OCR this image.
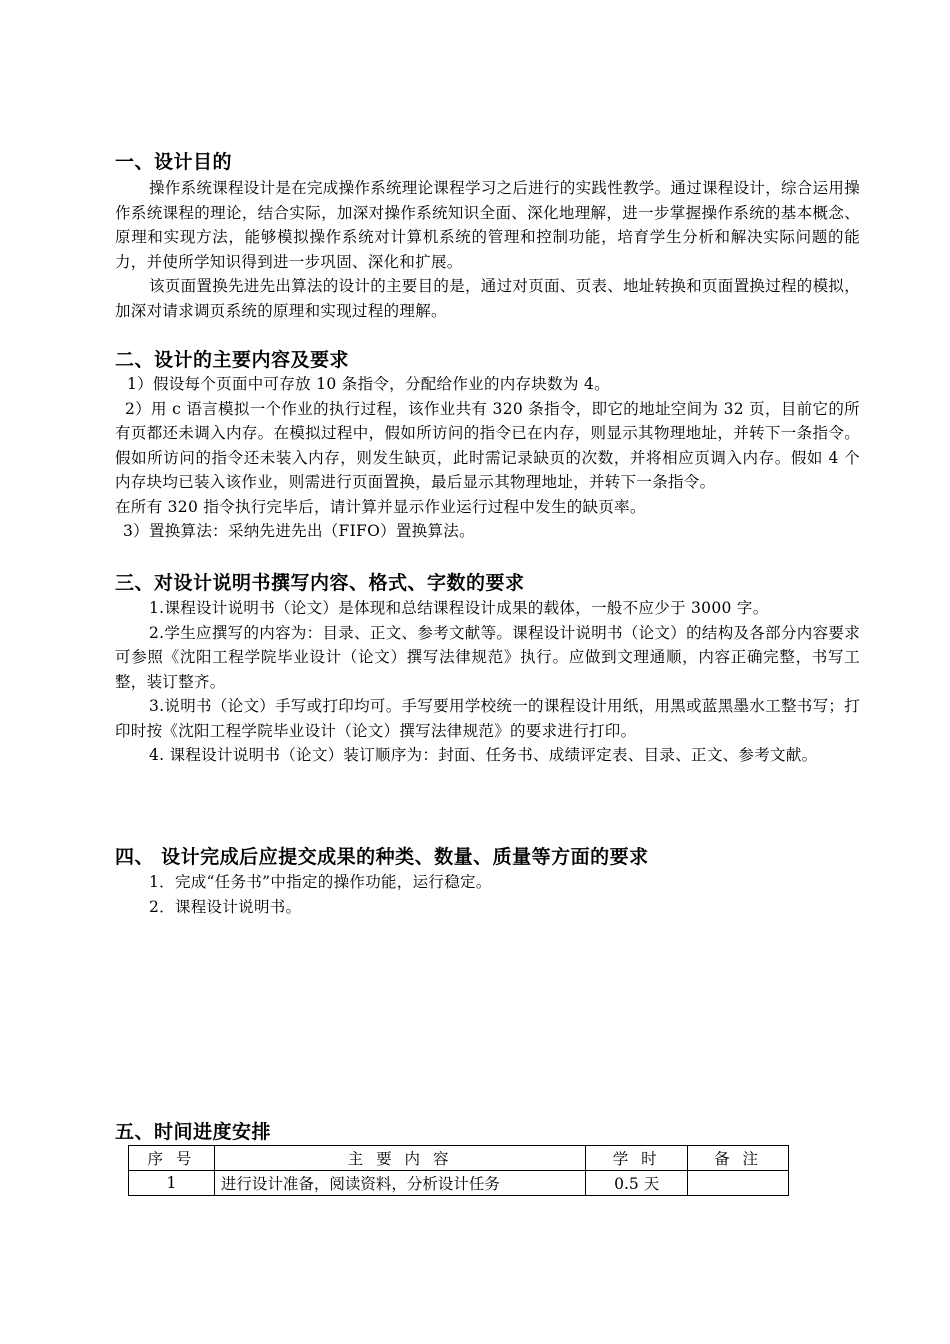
一、设计目的

操作系统课程设计是在完成操作系统理论课程学习之后进行的实践性教学。通过课程设计，综合运用操作系统课程的理论，结合实际，加深对操作系统知识全面、深化地理解，进一步掌握操作系统的基本概念、原理和实现方法，能够模拟操作系统对计算机系统的管理和控制功能，培育学生分析和解决实际问题的能力，并使所学知识得到进一步巩固、深化和扩展。

该页面置换先进先出算法的设计的主要目的是，通过对页面、页表、地址转换和页面置换过程的模拟，加深对请求调页系统的原理和实现过程的理解。

二、设计的主要内容及要求

1）假设每个页面中可存放 10 条指令，分配给作业的内存块数为 4。

2）用 c 语言模拟一个作业的执行过程，该作业共有 320 条指令，即它的地址空间为 32 页，目前它的所有页都还未调入内存。在模拟过程中，假如所访问的指令已在内存，则显示其物理地址，并转下一条指令。假如所访问的指令还未装入内存，则发生缺页，此时需记录缺页的次数，并将相应页调入内存。假如 4 个内存块均已装入该作业，则需进行页面置换，最后显示其物理地址，并转下一条指令。

在所有 320 指令执行完毕后，请计算并显示作业运行过程中发生的缺页率。

3）置换算法：采纳先进先出（FIFO）置换算法。

三、对设计说明书撰写内容、格式、字数的要求

1.课程设计说明书（论文）是体现和总结课程设计成果的载体，一般不应少于 3000 字。

2.学生应撰写的内容为：目录、正文、参考文献等。课程设计说明书（论文）的结构及各部分内容要求可参照《沈阳工程学院毕业设计（论文）撰写法律规范》执行。应做到文理通顺，内容正确完整，书写工整，装订整齐。

3.说明书（论文）手写或打印均可。手写要用学校统一的课程设计用纸，用黑或蓝黑墨水工整书写；打印时按《沈阳工程学院毕业设计（论文）撰写法律规范》的要求进行打印。

4. 课程设计说明书（论文）装订顺序为：封面、任务书、成绩评定表、目录、正文、参考文献。

四、 设计完成后应提交成果的种类、数量、质量等方面的要求

1．完成“任务书”中指定的操作功能，运行稳定。

2．课程设计说明书。

五、时间进度安排
序 号	主 要 内 容	学 时	备 注
1	进行设计准备，阅读资料，分析设计任务	0.5 天	
